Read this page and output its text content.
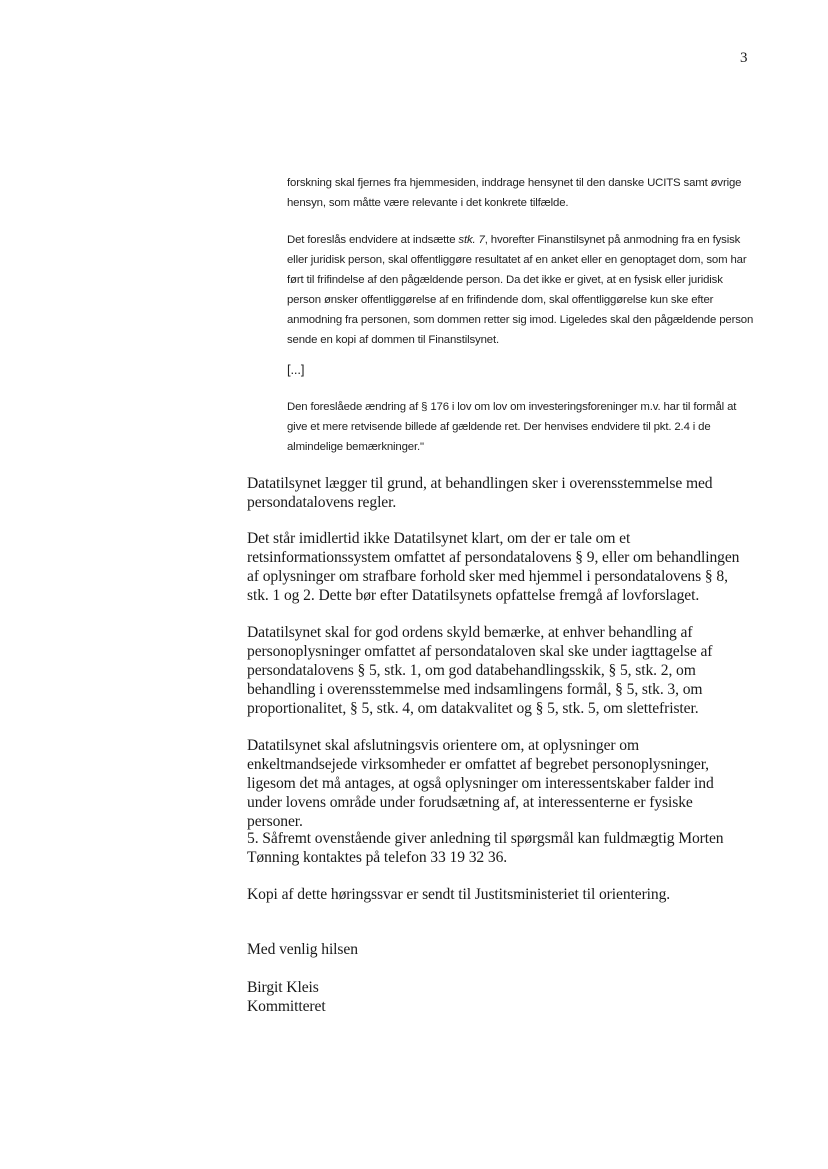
3

forskning skal fjernes fra hjemmesiden, inddrage hensynet til den danske UCITS samt øvrige hensyn, som måtte være relevante i det konkrete tilfælde.

Det foreslås endvidere at indsætte stk. 7, hvorefter Finanstilsynet på anmodning fra en fysisk eller juridisk person, skal offentliggøre resultatet af en anket eller en genoptaget dom, som har ført til frifindelse af den pågældende person. Da det ikke er givet, at en fysisk eller juridisk person ønsker offentliggørelse af en frifindende dom, skal offentliggørelse kun ske efter anmodning fra personen, som dommen retter sig imod. Ligeledes skal den pågældende person sende en kopi af dommen til Finanstilsynet.

[...]

Den foreslåede ændring af § 176 i lov om lov om investeringsforeninger m.v. har til formål at give et mere retvisende billede af gældende ret. Der henvises endvidere til pkt. 2.4 i de almindelige bemærkninger."

Datatilsynet lægger til grund, at behandlingen sker i overensstemmelse med persondatalovens regler.

Det står imidlertid ikke Datatilsynet klart, om der er tale om et retsinformationssystem omfattet af persondatalovens § 9, eller om behandlingen af oplysninger om strafbare forhold sker med hjemmel i persondatalovens § 8, stk. 1 og 2. Dette bør efter Datatilsynets opfattelse fremgå af lovforslaget.

Datatilsynet skal for god ordens skyld bemærke, at enhver behandling af personoplysninger omfattet af persondataloven skal ske under iagttagelse af persondatalovens § 5, stk. 1, om god databehandlingsskik, § 5, stk. 2, om behandling i overensstemmelse med indsamlingens formål, § 5, stk. 3, om proportionalitet, § 5, stk. 4, om datakvalitet og § 5, stk. 5, om slettefrister.

Datatilsynet skal afslutningsvis orientere om, at oplysninger om enkeltmandsejede virksomheder er omfattet af begrebet personoplysninger, ligesom det må antages, at også oplysninger om interessentskaber falder ind under lovens område under forudsætning af, at interessenterne er fysiske personer.

5. Såfremt ovenstående giver anledning til spørgsmål kan fuldmægtig Morten Tønning kontaktes på telefon 33 19 32 36.

Kopi af dette høringssvar er sendt til Justitsministeriet til orientering.

Med venlig hilsen

Birgit Kleis

Kommitteret
